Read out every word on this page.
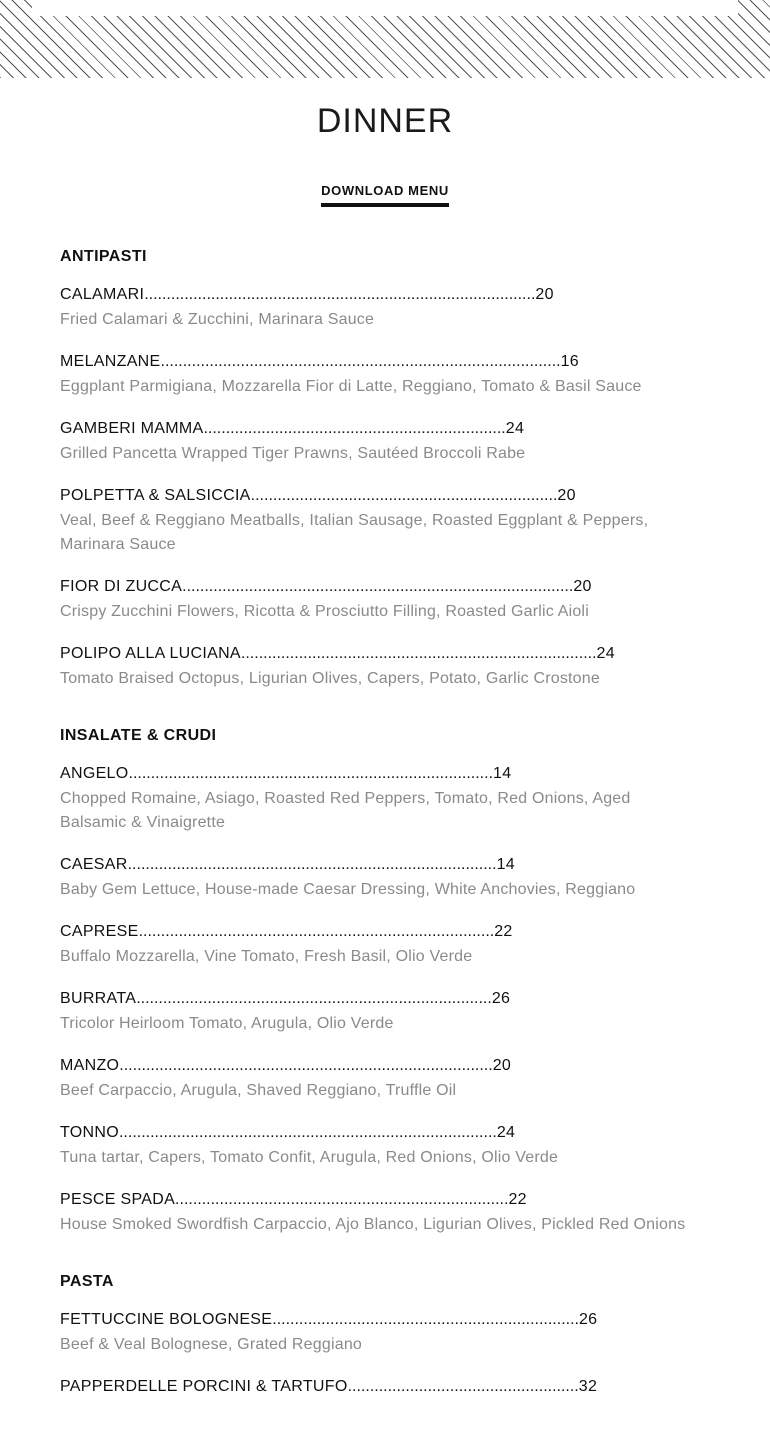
DINNER
DOWNLOAD MENU
ANTIPASTI
CALAMARI........................................................................................20
Fried Calamari & Zucchini, Marinara Sauce
MELANZANE..........................................................................................16
Eggplant Parmigiana, Mozzarella Fior di Latte, Reggiano, Tomato & Basil Sauce
GAMBERI MAMMA....................................................................24
Grilled Pancetta Wrapped Tiger Prawns, Sautéed Broccoli Rabe
POLPETTA & SALSICCIA.....................................................................20
Veal, Beef & Reggiano Meatballs, Italian Sausage, Roasted Eggplant & Peppers, Marinara Sauce
FIOR DI ZUCCA........................................................................................20
Crispy Zucchini Flowers, Ricotta & Prosciutto Filling, Roasted Garlic Aioli
POLIPO ALLA LUCIANA................................................................................24
Tomato Braised Octopus, Ligurian Olives, Capers, Potato, Garlic Crostone
INSALATE & CRUDI
ANGELO..................................................................................14
Chopped Romaine, Asiago, Roasted Red Peppers, Tomato, Red Onions, Aged Balsamic & Vinaigrette
CAESAR...................................................................................14
Baby Gem Lettuce, House-made Caesar Dressing, White Anchovies, Reggiano
CAPRESE................................................................................22
Buffalo Mozzarella, Vine Tomato, Fresh Basil, Olio Verde
BURRATA................................................................................26
Tricolor Heirloom Tomato, Arugula, Olio Verde
MANZO....................................................................................20
Beef Carpaccio, Arugula, Shaved Reggiano, Truffle Oil
TONNO.....................................................................................24
Tuna tartar, Capers, Tomato Confit, Arugula, Red Onions, Olio Verde
PESCE SPADA...........................................................................22
House Smoked Swordfish Carpaccio, Ajo Blanco, Ligurian Olives, Pickled Red Onions
PASTA
FETTUCCINE BOLOGNESE.....................................................................26
Beef & Veal Bolognese, Grated Reggiano
PAPPERDELLE PORCINI & TARTUFO....................................................32
